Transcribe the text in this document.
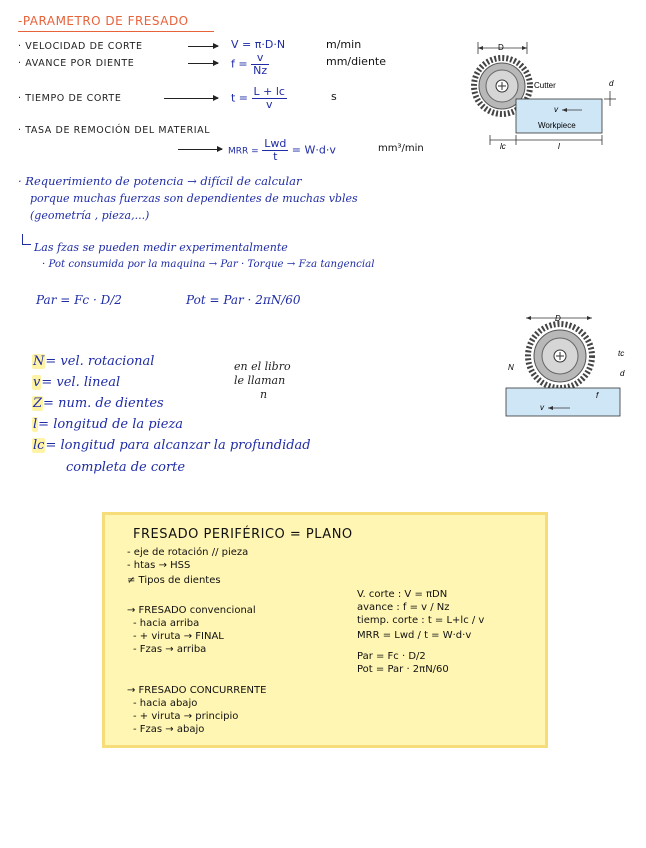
-PARAMETRO DE FRESADO
· VELOCIDAD DE CORTE	V = π·D·N	m/min
· AVANCE POR DIENTE	$f = \frac{v}{Nz}$	mm/diente
· TIEMPO DE CORTE	$t = \frac{L + lc}{v}$	s
· TASA DE REMOCIÓN DEL MATERIAL
MRR = $\frac{\text{Lwd}}{t} = W\cdot d\cdot v$	mm³/min
D
Cutter
v
Workpiece
d
lc	l
· Requerimiento de potencia → difícil de calcular
porque muchas fuerzas son dependientes de muchas vbles
(geometría , pieza,...)
Las fzas se pueden medir experimentalmente
· Pot consumida por la maquina → Par · Torque → Fza tangencial
Par = Fc · D/2	Pot = Par · 2πN/60
D
tc
N
d
f
v
N= vel. rotacional
v= vel. lineal
Z= num. de dientes
l= longitud de la pieza
lc= longitud para alcanzar la profundidad
completa de corte
en el libro
le llaman
n
FRESADO PERIFÉRICO = PLANO
- eje de rotación // pieza
- htas → HSS
≠ Tipos de dientes
→ FRESADO convencional
- hacia arriba
- + viruta → FINAL
- Fzas → arriba
→ FRESADO CONCURRENTE
- hacia abajo
- + viruta → principio
- Fzas → abajo
V. corte : V = πDN
avance : f = v / Nz
tiemp. corte : t = L+lc / v
MRR = Lwd / t = W·d·v
Par = Fc · D/2
Pot = Par · 2πN/60
